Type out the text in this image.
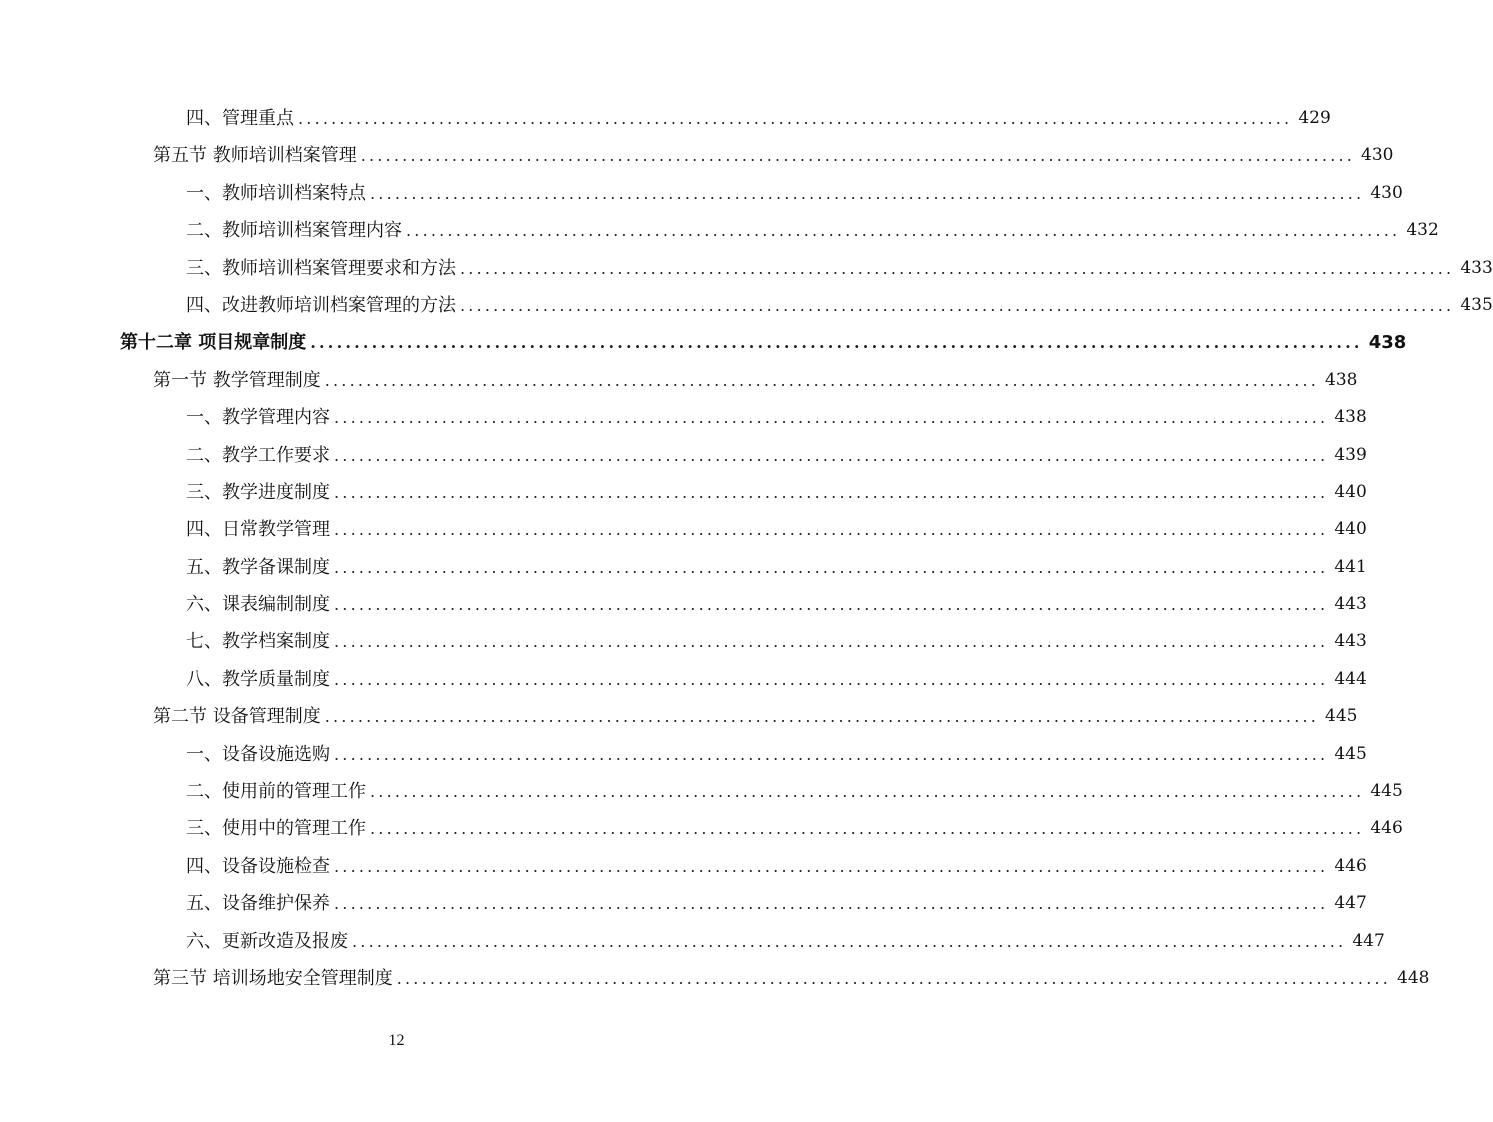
四、管理重点 ........................................................................................................................ 429
第五节 教师培训档案管理 ........................................................................................................................ 430
一、教师培训档案特点 ........................................................................................................................ 430
二、教师培训档案管理内容 ........................................................................................................................ 432
三、教师培训档案管理要求和方法 ........................................................................................................................ 433
四、改进教师培训档案管理的方法 ........................................................................................................................ 435
第十二章 项目规章制度 ........................................................................................................................ 438
第一节 教学管理制度 ........................................................................................................................ 438
一、教学管理内容 ........................................................................................................................ 438
二、教学工作要求 ........................................................................................................................ 439
三、教学进度制度 ........................................................................................................................ 440
四、日常教学管理 ........................................................................................................................ 440
五、教学备课制度 ........................................................................................................................ 441
六、课表编制制度 ........................................................................................................................ 443
七、教学档案制度 ........................................................................................................................ 443
八、教学质量制度 ........................................................................................................................ 444
第二节 设备管理制度 ........................................................................................................................ 445
一、设备设施选购 ........................................................................................................................ 445
二、使用前的管理工作 ........................................................................................................................ 445
三、使用中的管理工作 ........................................................................................................................ 446
四、设备设施检查 ........................................................................................................................ 446
五、设备维护保养 ........................................................................................................................ 447
六、更新改造及报废 ........................................................................................................................ 447
第三节 培训场地安全管理制度 ........................................................................................................................ 448
12
